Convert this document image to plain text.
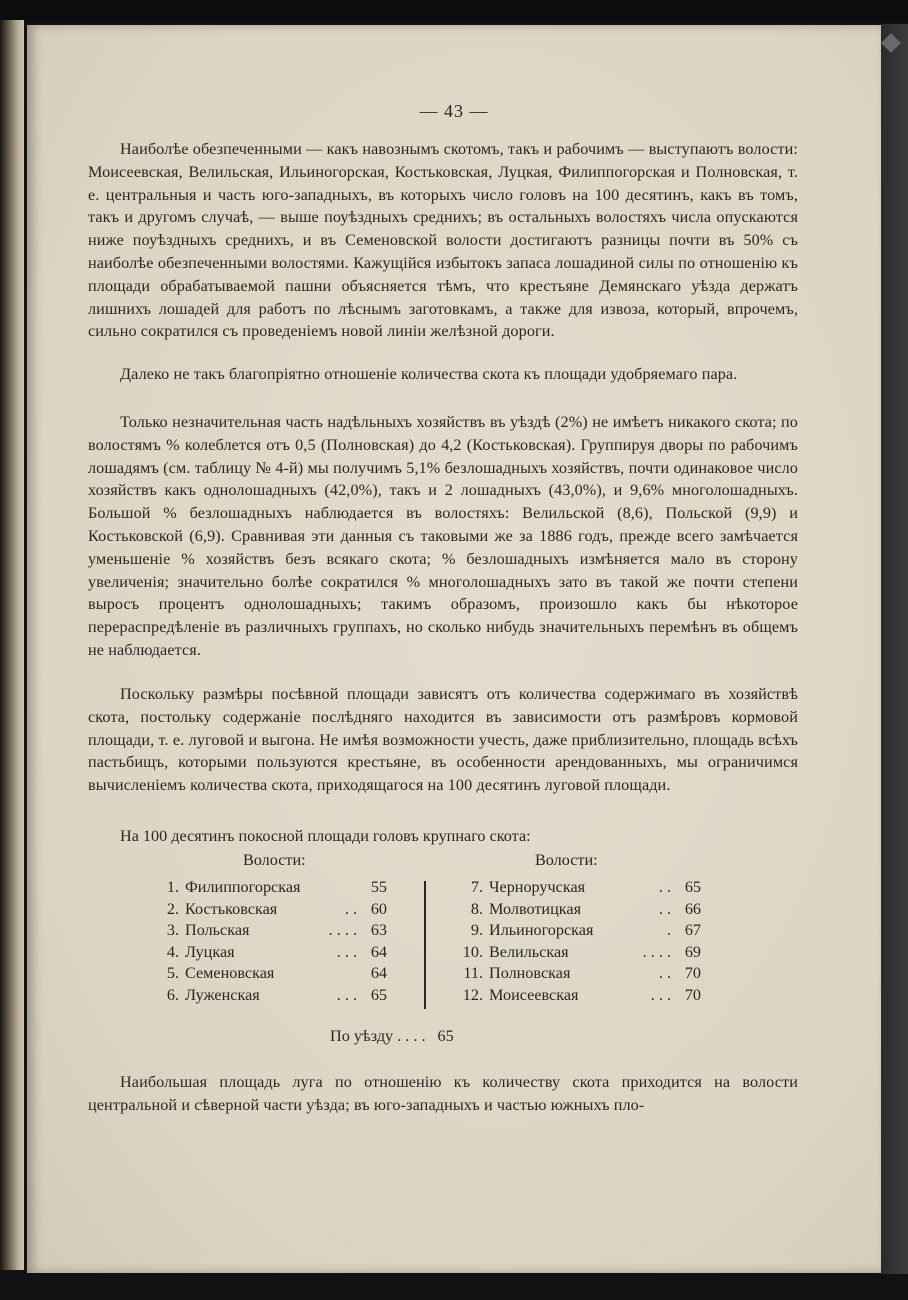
— 43 —

Наиболѣе обезпеченными — какъ навознымъ скотомъ, такъ и рабочимъ — выступаютъ волости: Моисеевская, Велильская, Ильиногорская, Костьковская, Луцкая, Филиппогорская и Полновская, т. е. центральныя и часть юго-западныхъ, въ которыхъ число головъ на 100 десятинъ, какъ въ томъ, такъ и другомъ случаѣ, — выше поуѣздныхъ среднихъ; въ остальныхъ волостяхъ числа опускаются ниже поуѣздныхъ среднихъ, и въ Семеновской волости достигаютъ разницы почти въ 50% съ наиболѣе обезпеченными волостями. Кажущійся избытокъ запаса лошадиной силы по отношенію къ площади обрабатываемой пашни объясняется тѣмъ, что крестьяне Демянскаго уѣзда держатъ лишнихъ лошадей для работъ по лѣснымъ заготовкамъ, а также для извоза, который, впрочемъ, сильно сократился съ проведеніемъ новой линіи желѣзной дороги.

Далеко не такъ благопріятно отношеніе количества скота къ площади удобряемаго пара.

Только незначительная часть надѣльныхъ хозяйствъ въ уѣздѣ (2%) не имѣетъ никакого скота; по волостямъ % колеблется отъ 0,5 (Полновская) до 4,2 (Костьковская). Группируя дворы по рабочимъ лошадямъ (см. таблицу № 4-й) мы получимъ 5,1% безлошадныхъ хозяйствъ, почти одинаковое число хозяйствъ какъ однолошадныхъ (42,0%), такъ и 2 лошадныхъ (43,0%), и 9,6% многолошадныхъ. Большой % безлошадныхъ наблюдается въ волостяхъ: Велильской (8,6), Польской (9,9) и Костьковской (6,9). Сравнивая эти данныя съ таковыми же за 1886 годъ, прежде всего замѣчается уменьшеніе % хозяйствъ безъ всякаго скота; % безлошадныхъ измѣняется мало въ сторону увеличенія; значительно болѣе сократился % многолошадныхъ зато въ такой же почти степени выросъ процентъ однолошадныхъ; такимъ образомъ, произошло какъ бы нѣкоторое перераспредѣленіе въ различныхъ группахъ, но сколько нибудь значительныхъ перемѣнъ въ общемъ не наблюдается.

Поскольку размѣры посѣвной площади зависятъ отъ количества содержимаго въ хозяйствѣ скота, постольку содержаніе послѣдняго находится въ зависимости отъ размѣровъ кормовой площади, т. е. луговой и выгона. Не имѣя возможности учесть, даже приблизительно, площадь всѣхъ пастьбищъ, которыми пользуются крестьяне, въ особенности арендованныхъ, мы ограничимся вычисленіемъ количества скота, приходящагося на 100 десятинъ луговой площади.

На 100 десятинъ покосной площади головъ крупнаго скота:

Волости:	Волости:
1. Филиппогорская	55
2. Костьковская	60
. .
3. Польская	63
. . . .
4. Луцкая	64
. . .
5. Семеновская	64
6. Луженская	65
. . .
7. Черноручская	65
. .
8. Молвотицкая	66
. .
9. Ильиногорская	67
.
10. Велильская	69
. . . .
11. Полновская	70
. .
12. Моисеевская	70
. . .
По уѣзду . . . . 65

Наибольшая площадь луга по отношенію къ количеству скота приходится на волости центральной и сѣверной части уѣзда; въ юго-западныхъ и частью южныхъ пло-
